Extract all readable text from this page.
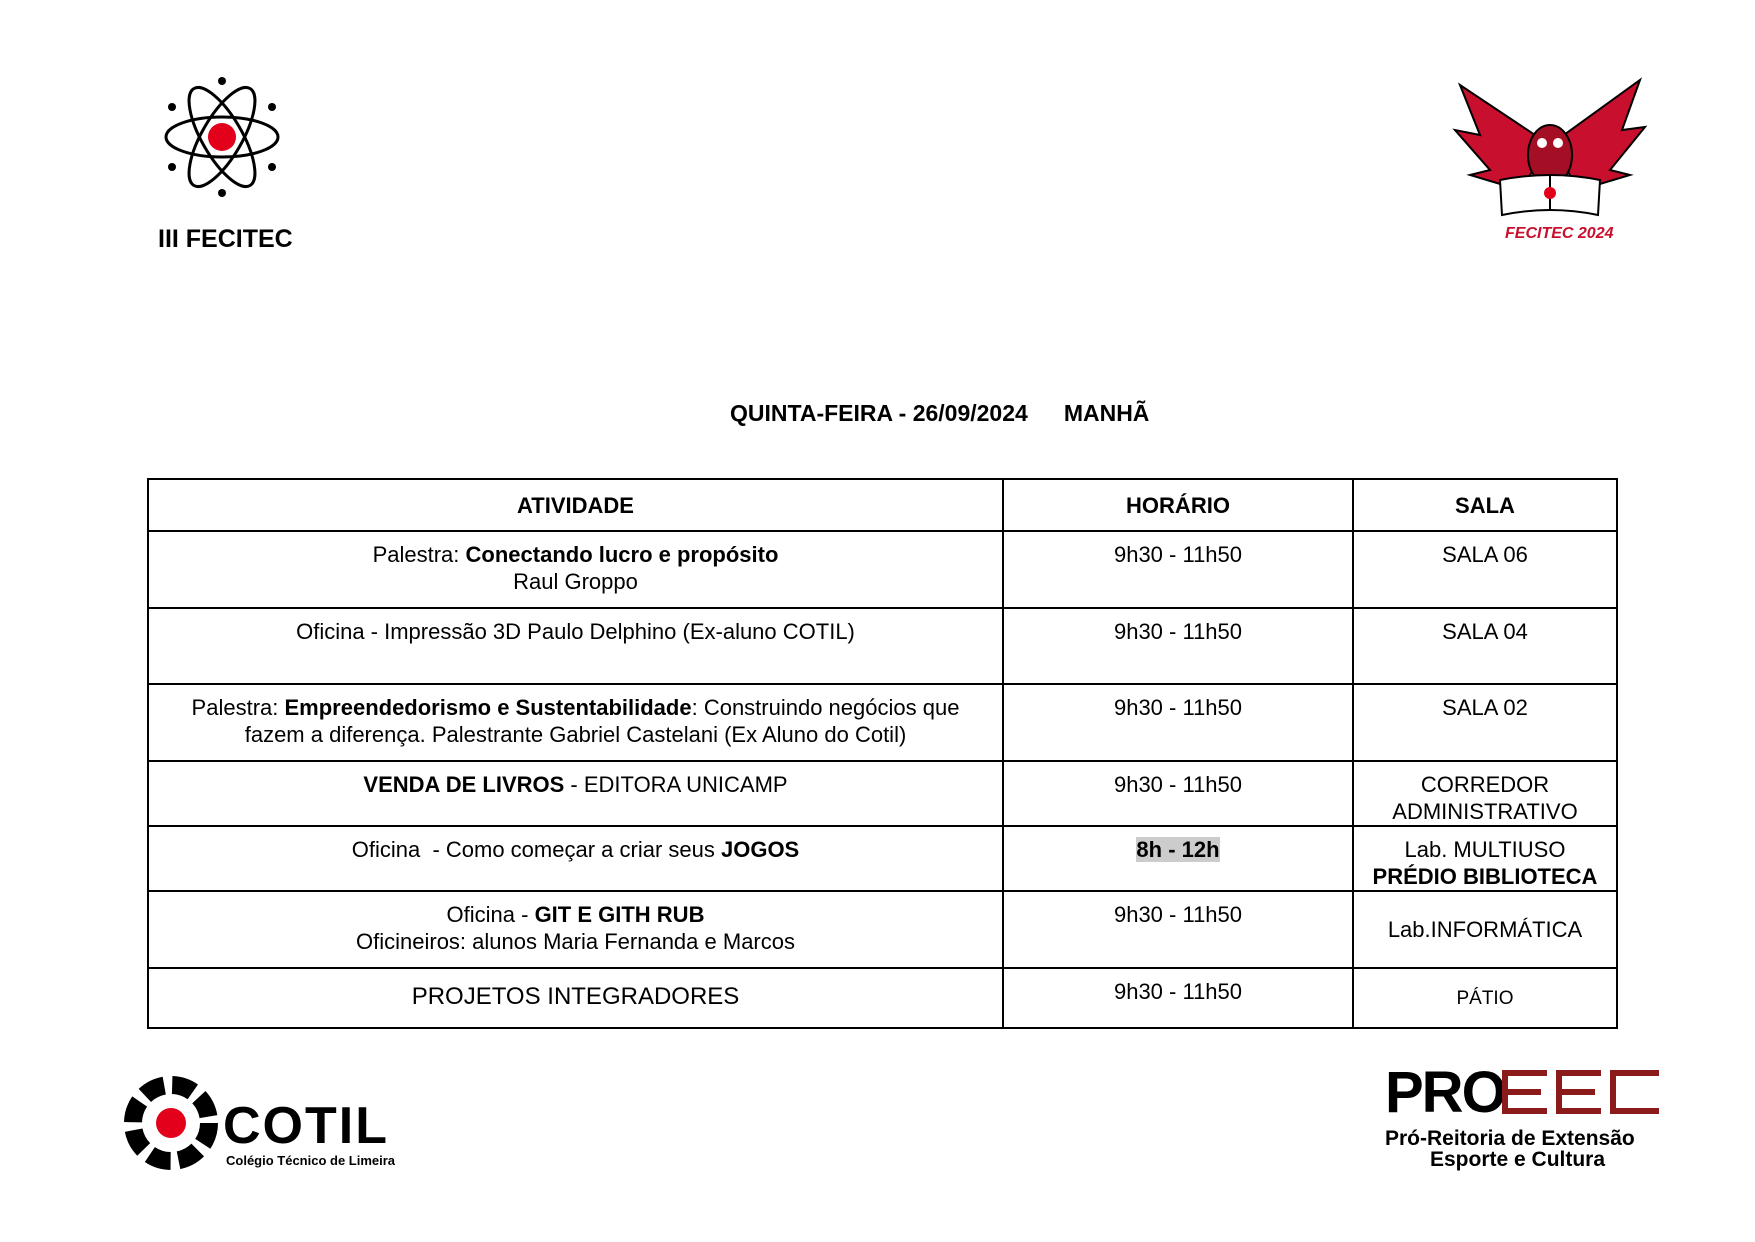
III FECITEC	FECITEC 2024
QUINTA-FEIRA - 26/09/2024 MANHÃ
ATIVIDADE	HORÁRIO	SALA
Palestra: Conectando lucro e propósito
Raul Groppo	9h30 - 11h50	SALA 06
Oficina - Impressão 3D Paulo Delphino (Ex-aluno COTIL)	9h30 - 11h50	SALA 04
Palestra: Empreendedorismo e Sustentabilidade: Construindo negócios que fazem a diferença. Palestrante Gabriel Castelani (Ex Aluno do Cotil)	9h30 - 11h50	SALA 02
VENDA DE LIVROS - EDITORA UNICAMP	9h30 - 11h50	CORREDOR
ADMINISTRATIVO
Oficina  - Como começar a criar seus JOGOS	8h - 12h	Lab. MULTIUSO
PRÉDIO BIBLIOTECA
Oficina - GIT E GITH RUB
Oficineiros: alunos Maria Fernanda e Marcos	9h30 - 11h50	Lab.INFORMÁTICA
PROJETOS INTEGRADORES	9h30 - 11h50	PÁTIO
COTIL
Colégio Técnico de Limeira
PRO
Pró-Reitoria de Extensão
Esporte e Cultura
